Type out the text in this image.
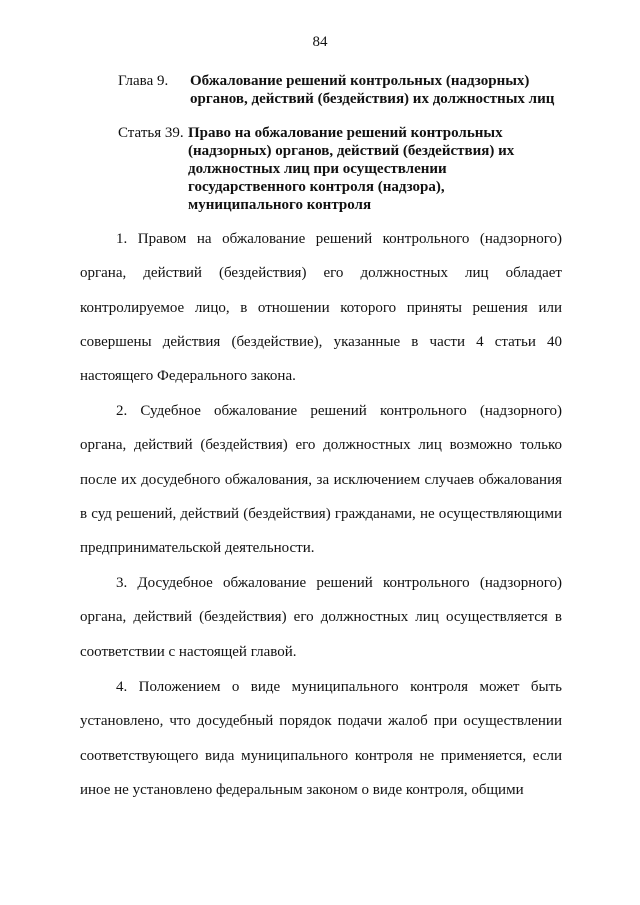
84
Глава 9. Обжалование решений контрольных (надзорных)
органов, действий (бездействия) их должностных лиц
Статья 39. Право на обжалование решений контрольных
(надзорных) органов, действий (бездействия) их
должностных лиц при осуществлении
государственного контроля (надзора),
муниципального контроля

1. Правом на обжалование решений контрольного (надзорного) органа, действий (бездействия) его должностных лиц обладает контролируемое лицо, в отношении которого приняты решения или совершены действия (бездействие), указанные в части 4 статьи 40 настоящего Федерального закона.

2. Судебное обжалование решений контрольного (надзорного) органа, действий (бездействия) его должностных лиц возможно только после их досудебного обжалования, за исключением случаев обжалования в суд решений, действий (бездействия) гражданами, не осуществляющими предпринимательской деятельности.

3. Досудебное обжалование решений контрольного (надзорного) органа, действий (бездействия) его должностных лиц осуществляется в соответствии с настоящей главой.

4. Положением о виде муниципального контроля может быть установлено, что досудебный порядок подачи жалоб при осуществлении соответствующего вида муниципального контроля не применяется, если иное не установлено федеральным законом о виде контроля, общими
